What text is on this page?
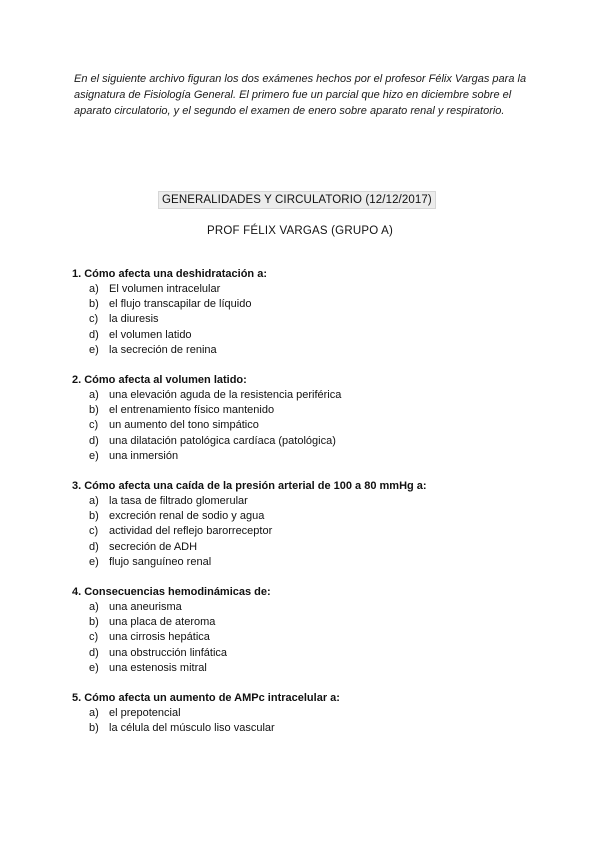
En el siguiente archivo figuran los dos exámenes hechos por el profesor Félix Vargas para la asignatura de Fisiología General. El primero fue un parcial que hizo en diciembre sobre el aparato circulatorio, y el segundo el examen de enero sobre aparato renal y respiratorio.

GENERALIDADES Y CIRCULATORIO (12/12/2017)
PROF FÉLIX VARGAS (GRUPO A)

1. Cómo afecta una deshidratación a:

a) El volumen intracelular
b) el flujo transcapilar de líquido
c) la diuresis
d) el volumen latido
e) la secreción de renina

2. Cómo afecta al volumen latido:

a) una elevación aguda de la resistencia periférica
b) el entrenamiento físico mantenido
c) un aumento del tono simpático
d) una dilatación patológica cardíaca (patológica)
e) una inmersión

3. Cómo afecta una caída de la presión arterial de 100 a 80 mmHg a:

a) la tasa de filtrado glomerular
b) excreción renal de sodio y agua
c) actividad del reflejo barorreceptor
d) secreción de ADH
e) flujo sanguíneo renal

4. Consecuencias hemodinámicas de:

a) una aneurisma
b) una placa de ateroma
c) una cirrosis hepática
d) una obstrucción linfática
e) una estenosis mitral

5. Cómo afecta un aumento de AMPc intracelular a:

a) el prepotencial
b) la célula del músculo liso vascular
